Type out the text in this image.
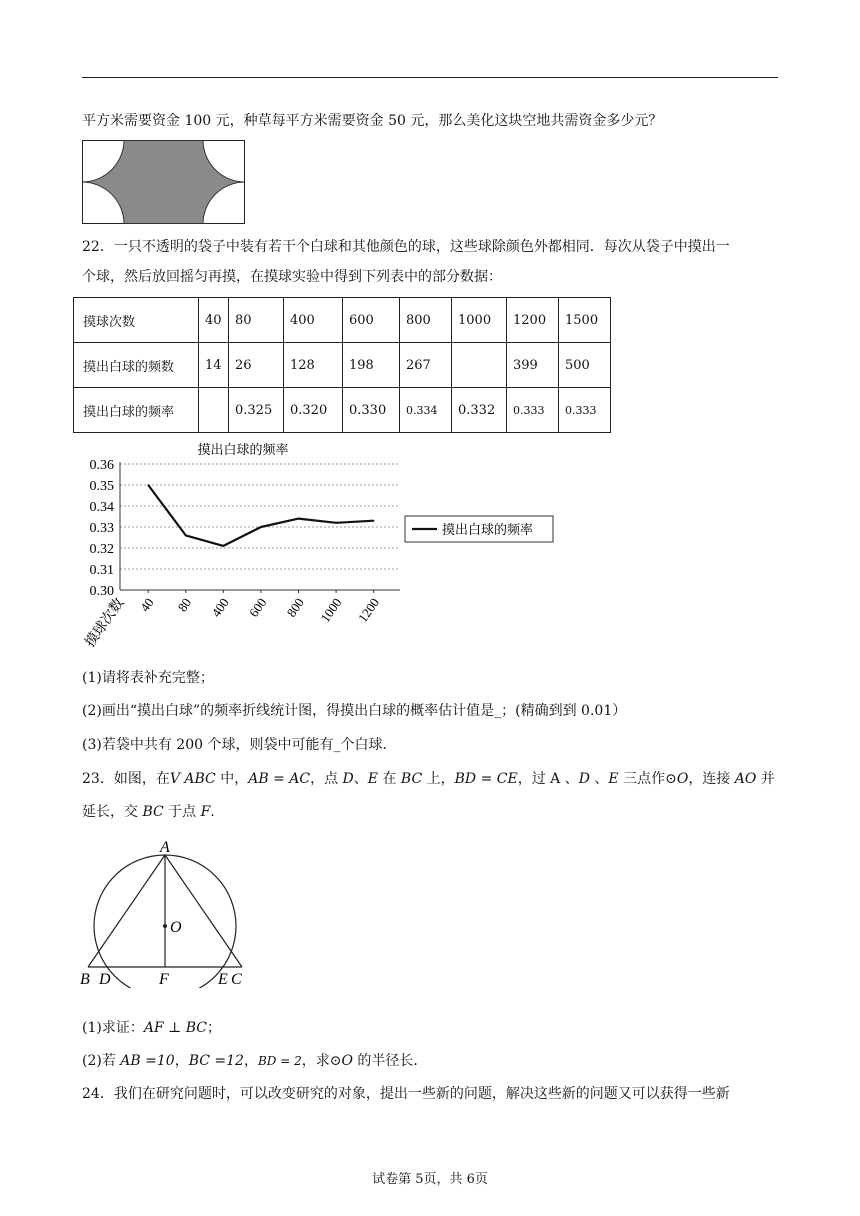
平方米需要资金 100 元，种草每平方米需要资金 50 元，那么美化这块空地共需资金多少元？
22．一只不透明的袋子中装有若干个白球和其他颜色的球，这些球除颜色外都相同．每次从袋子中摸出一
个球，然后放回摇匀再摸，在摸球实验中得到下列表中的部分数据：
摸球次数	40	80	400	600	800	1000	1200	1500
摸出白球的频数	14	26	128	198	267		399	500
摸出白球的频率		0.325	0.320	0.330	0.334	0.332	0.333	0.333
摸出白球的频率
0.36
0.35
0.34
0.33
0.32
0.31
0.30
摸球次数 40 80 400 600 800 1000 1200
摸出白球的频率
(1)请将表补充完整；
(2)画出“摸出白球”的频率折线统计图，得摸出白球的概率估计值是_；(精确到到 0.01）
(3)若袋中共有 200 个球，则袋中可能有_个白球．
23．如图，在V ABC 中，AB = AC，点 D、E 在 BC 上，BD = CE，过 A 、D 、E 三点作⊙O，连接 AO 并
延长，交 BC 于点 F．
A
O
B D	F	E C
(1)求证：AF ⊥ BC；
(2)若 AB =10，BC =12，BD = 2，求⊙O 的半径长．
24．我们在研究问题时，可以改变研究的对象，提出一些新的问题，解决这些新的问题又可以获得一些新
试卷第 5页，共 6页
